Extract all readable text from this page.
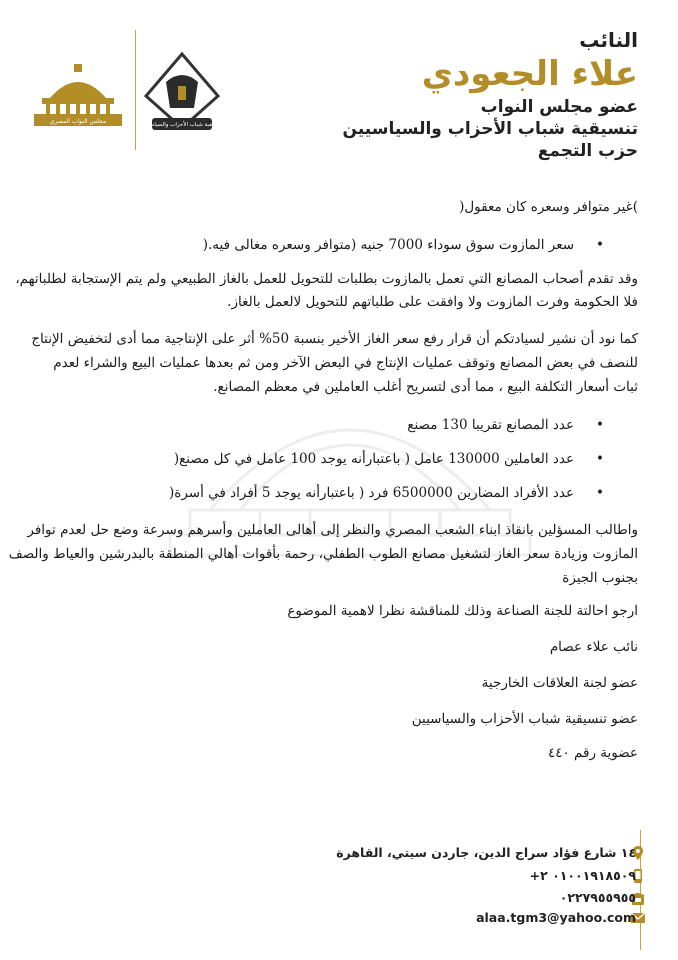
مجلس النواب المصري	تنسيقية شباب الأحزاب والسياسيين
النائب
علاء الجعودي
عضو مجلس النواب
تنسيقية شباب الأحزاب والسياسيين
حزب التجمع
)غير متوافر وسعره كان معقول(
• سعر المازوت سوق سوداء 7000 جنيه (متوافر وسعره مغالى فيه.(
وقد تقدم أصحاب المصانع التي تعمل بالمازوت بطلبات للتحويل للعمل بالغاز الطبيعي ولم يتم الإستجابة لطلباتهم،
فلا الحكومة وفرت المازوت ولا وافقت على طلباتهم للتحويل لالعمل بالغاز.
كما نود أن نشير لسيادتكم أن قرار رفع سعر الغاز الأخير بنسبة 50% أثر على الإنتاجية مما أدى لتخفيض الإنتاج
للنصف في بعض المصانع وتوقف عمليات الإنتاج في البعض الآخر ومن ثم بعدها عمليات البيع والشراء لعدم
ثبات أسعار التكلفة البيع ، مما أدى لتسريح أغلب العاملين في معظم المصانع.
• عدد المصانع تقريبا 130 مصنع
• عدد العاملين 130000 عامل ( باعتبارأنه يوجد 100 عامل في كل مصنع(
• عدد الأفراد المضارين 6500000 فرد ( باعتبارأنه يوجد 5 أفراد في أسرة(
واطالب المسؤلين بانقاذ ابناء الشعب المصري والنظر إلى أهالى العاملين وأسرهم وسرعة وضع حل لعدم توافر
المازوت وزيادة سعر الغاز لتشغيل مصانع الطوب الطفلي، رحمة بأقوات أهالي المنطقة بالبدرشين والعياط والصف
بجنوب الجيزة
ارجو احالتة للجنة الصناعة وذلك للمناقشة نظرا لاهمية الموضوع
نائب علاء عصام
عضو لجنة العلاقات الخارجية
عضو تنسيقية شباب الأحزاب والسياسيين
عضوية رقم ٤٤٠
١٤ شارع فؤاد سراج الدين، جاردن سيتي، القاهرة
٠١٠٠١٩١٨٥٠٩ ٢+
٠٢٢٧٩٥٥٩٥٥
alaa.tgm3@yahoo.com
